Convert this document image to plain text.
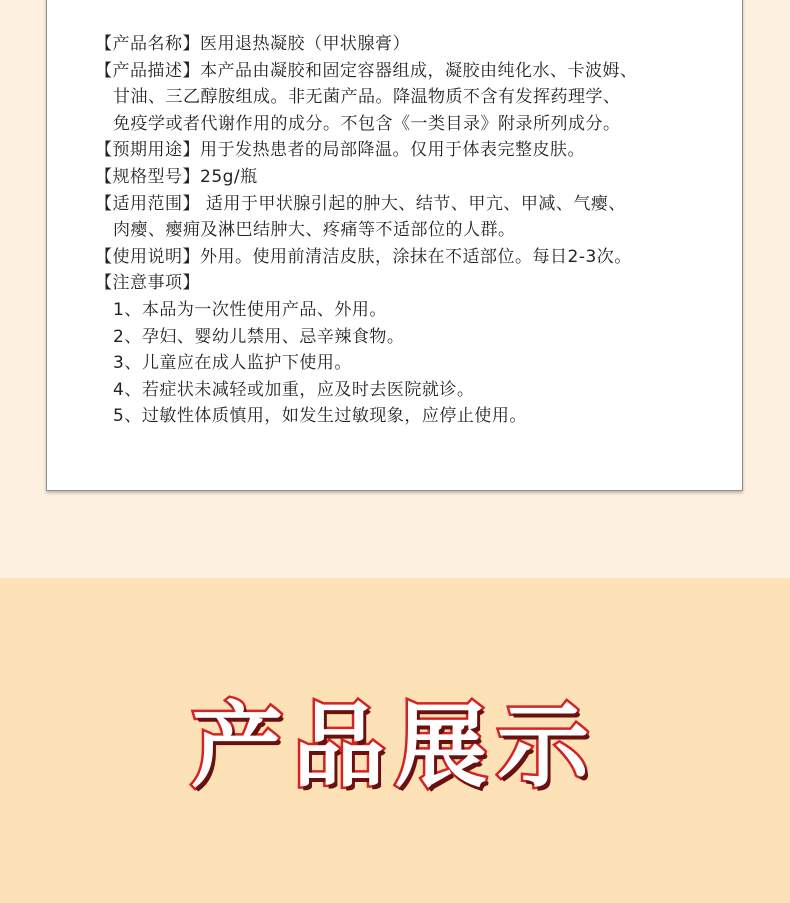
【产品名称】医用退热凝胶（甲状腺膏）
【产品描述】本产品由凝胶和固定容器组成，凝胶由纯化水、卡波姆、
甘油、三乙醇胺组成。非无菌产品。降温物质不含有发挥药理学、
免疫学或者代谢作用的成分。不包含《一类目录》附录所列成分。
【预期用途】用于发热患者的局部降温。仅用于体表完整皮肤。
【规格型号】25g/瓶
【适用范围】 适用于甲状腺引起的肿大、结节、甲亢、甲减、气瘿、
肉瘿、瘿痈及淋巴结肿大、疼痛等不适部位的人群。
【使用说明】外用。使用前清洁皮肤，涂抹在不适部位。每日2-3次。
【注意事项】
1、本品为一次性使用产品、外用。
2、孕妇、婴幼儿禁用、忌辛辣食物。
3、儿童应在成人监护下使用。
4、若症状未减轻或加重，应及时去医院就诊。
5、过敏性体质慎用，如发生过敏现象，应停止使用。
产品展示
